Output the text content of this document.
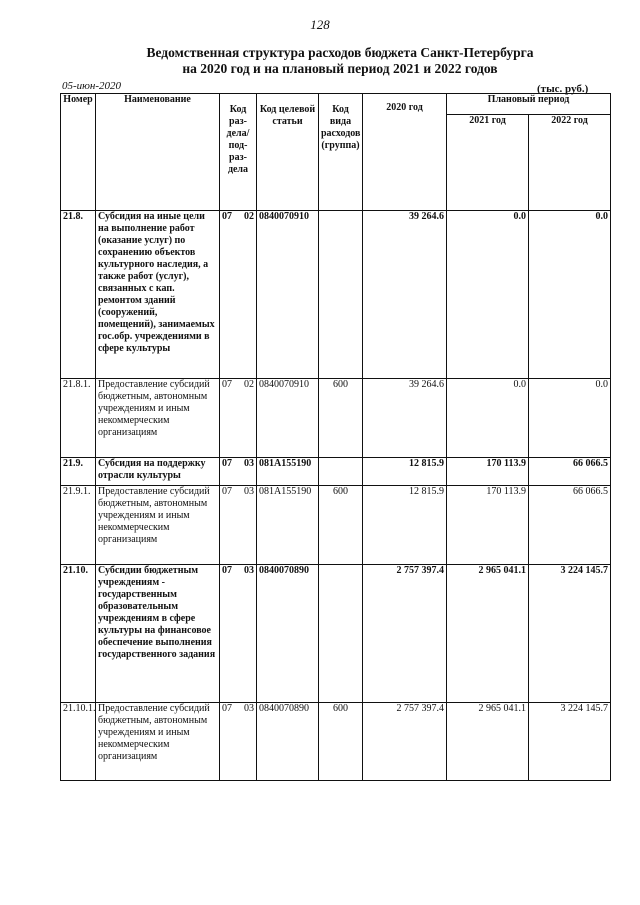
128
Ведомственная структура расходов бюджета Санкт-Петербурга
на 2020 год и на плановый период 2021 и 2022 годов
05-июн-2020	(тыс. руб.)
Номер	Наименование	Код раз-дела/ под-раз-дела	Код целевой статьи	Код вида расходов (группа)	2020 год	Плановый период	
						2021 год	2022 год
21.8.	Субсидия на иные цели на выполнение работ (оказание услуг) по сохранению объектов культурного наследия, а также работ (услуг), связанных с кап. ремонтом зданий (сооружений, помещений), занимаемых гос.обр. учреждениями в сфере культуры	07 02	0840070910		39 264.6	0.0	0.0
21.8.1.	Предоставление субсидий бюджетным, автономным учреждениям и иным некоммерческим организациям	07 02	0840070910	600	39 264.6	0.0	0.0
21.9.	Субсидия на поддержку отрасли культуры	07 03	081A155190		12 815.9	170 113.9	66 066.5
21.9.1.	Предоставление субсидий бюджетным, автономным учреждениям и иным некоммерческим организациям	07 03	081A155190	600	12 815.9	170 113.9	66 066.5
21.10.	Субсидии бюджетным учреждениям - государственным образовательным учреждениям в сфере культуры на финансовое обеспечение выполнения государственного задания	07 03	0840070890		2 757 397.4	2 965 041.1	3 224 145.7
21.10.1.	Предоставление субсидий бюджетным, автономным учреждениям и иным некоммерческим организациям	07 03	0840070890	600	2 757 397.4	2 965 041.1	3 224 145.7
